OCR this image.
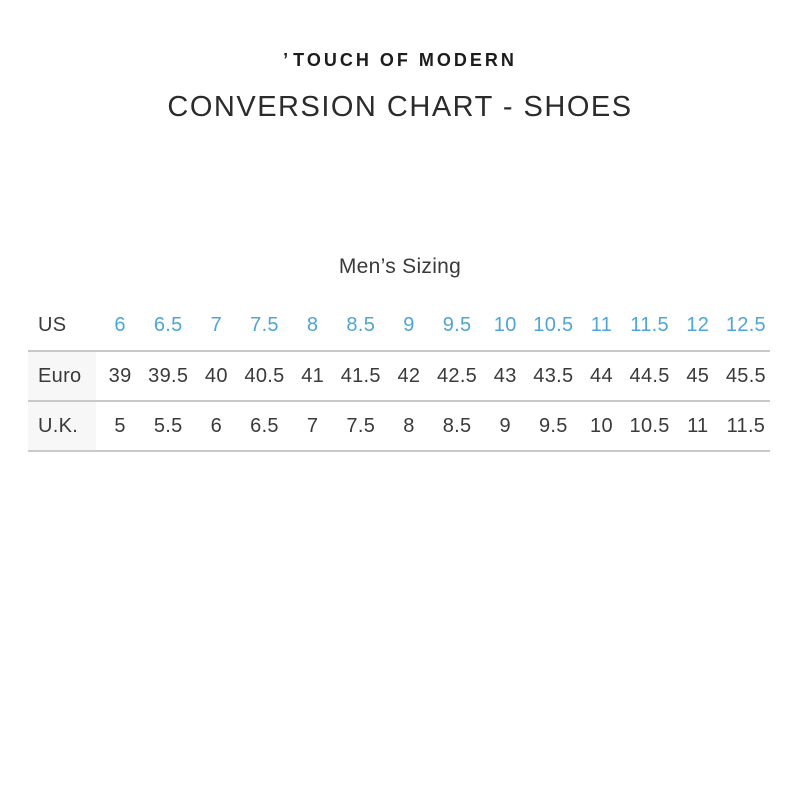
’ TOUCH OF MODERN
CONVERSION CHART - SHOES
Men’s Sizing
US	6	6.5	7	7.5	8	8.5	9	9.5	10	10.5	11	11.5	12	12.5
Euro	39	39.5	40	40.5	41	41.5	42	42.5	43	43.5	44	44.5	45	45.5
U.K.	5	5.5	6	6.5	7	7.5	8	8.5	9	9.5	10	10.5	11	11.5
